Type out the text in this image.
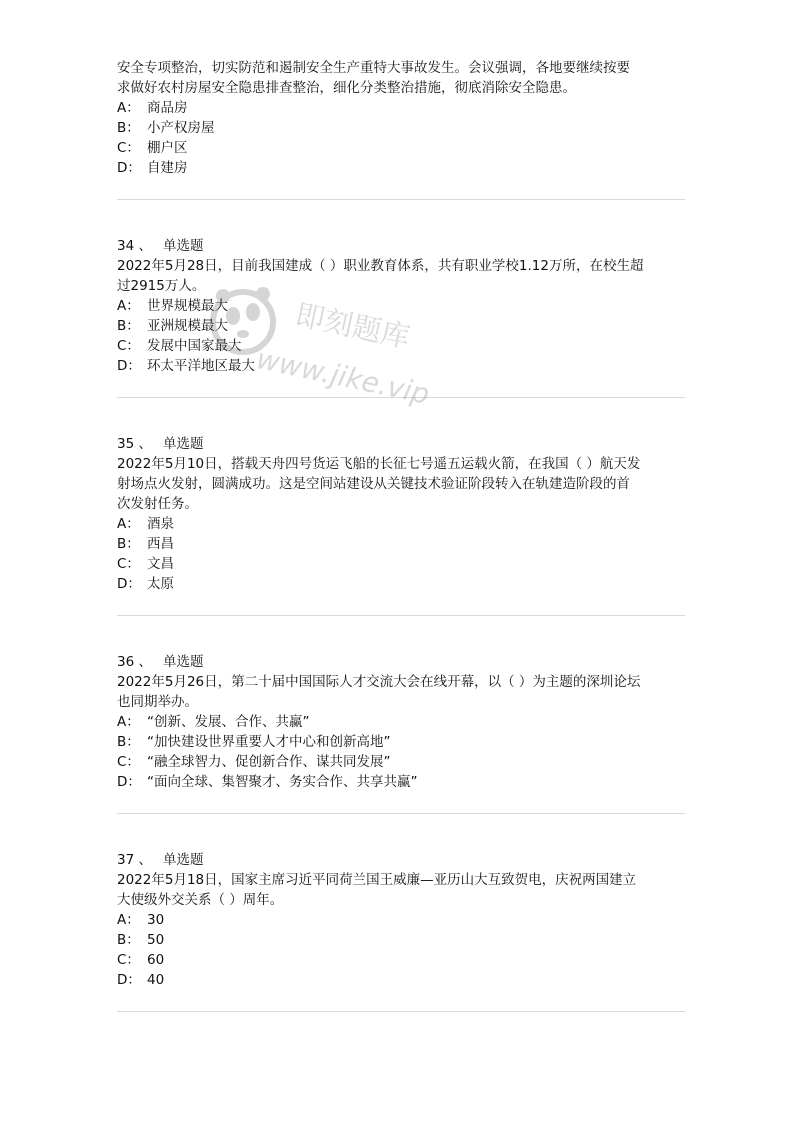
安全专项整治，切实防范和遏制安全生产重特大事故发生。会议强调，各地要继续按要
求做好农村房屋安全隐患排查整治，细化分类整治措施，彻底消除安全隐患。
A： 商品房
B： 小产权房屋
C： 棚户区
D： 自建房
34 、 单选题
2022年5月28日，目前我国建成（ ）职业教育体系，共有职业学校1.12万所，在校生超
过2915万人。
A： 世界规模最大
B： 亚洲规模最大
C： 发展中国家最大
D： 环太平洋地区最大
35 、 单选题
2022年5月10日，搭载天舟四号货运飞船的长征七号遥五运载火箭，在我国（ ）航天发
射场点火发射，圆满成功。这是空间站建设从关键技术验证阶段转入在轨建造阶段的首
次发射任务。
A： 酒泉
B： 西昌
C： 文昌
D： 太原
36 、 单选题
2022年5月26日，第二十届中国国际人才交流大会在线开幕，以（ ）为主题的深圳论坛
也同期举办。
A： “创新、发展、合作、共赢”
B： “加快建设世界重要人才中心和创新高地”
C： “融全球智力、促创新合作、谋共同发展”
D： “面向全球、集智聚才、务实合作、共享共赢”
37 、 单选题
2022年5月18日，国家主席习近平同荷兰国王威廉—亚历山大互致贺电，庆祝两国建立
大使级外交关系（ ）周年。
A： 30
B： 50
C： 60
D： 40
即刻题库
www.jike.vip
